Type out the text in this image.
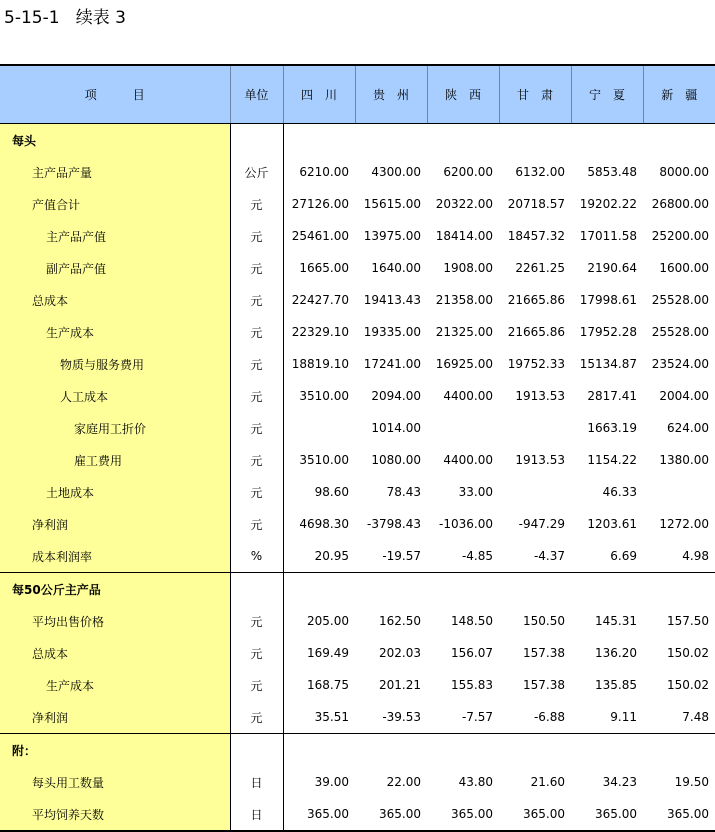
5-15-1   续表 3
项　　　目	单位	四　川	贵　州	陕　西	甘　肃	宁　夏	新　疆
每头							
主产品产量	公斤	6210.00	4300.00	6200.00	6132.00	5853.48	8000.00
产值合计	元	27126.00	15615.00	20322.00	20718.57	19202.22	26800.00
主产品产值	元	25461.00	13975.00	18414.00	18457.32	17011.58	25200.00
副产品产值	元	1665.00	1640.00	1908.00	2261.25	2190.64	1600.00
总成本	元	22427.70	19413.43	21358.00	21665.86	17998.61	25528.00
生产成本	元	22329.10	19335.00	21325.00	21665.86	17952.28	25528.00
物质与服务费用	元	18819.10	17241.00	16925.00	19752.33	15134.87	23524.00
人工成本	元	3510.00	2094.00	4400.00	1913.53	2817.41	2004.00
家庭用工折价	元		1014.00			1663.19	624.00
雇工费用	元	3510.00	1080.00	4400.00	1913.53	1154.22	1380.00
土地成本	元	98.60	78.43	33.00		46.33	
净利润	元	4698.30	-3798.43	-1036.00	-947.29	1203.61	1272.00
成本利润率	%	20.95	-19.57	-4.85	-4.37	6.69	4.98
每50公斤主产品							
平均出售价格	元	205.00	162.50	148.50	150.50	145.31	157.50
总成本	元	169.49	202.03	156.07	157.38	136.20	150.02
生产成本	元	168.75	201.21	155.83	157.38	135.85	150.02
净利润	元	35.51	-39.53	-7.57	-6.88	9.11	7.48
附：							
每头用工数量	日	39.00	22.00	43.80	21.60	34.23	19.50
平均饲养天数	日	365.00	365.00	365.00	365.00	365.00	365.00
